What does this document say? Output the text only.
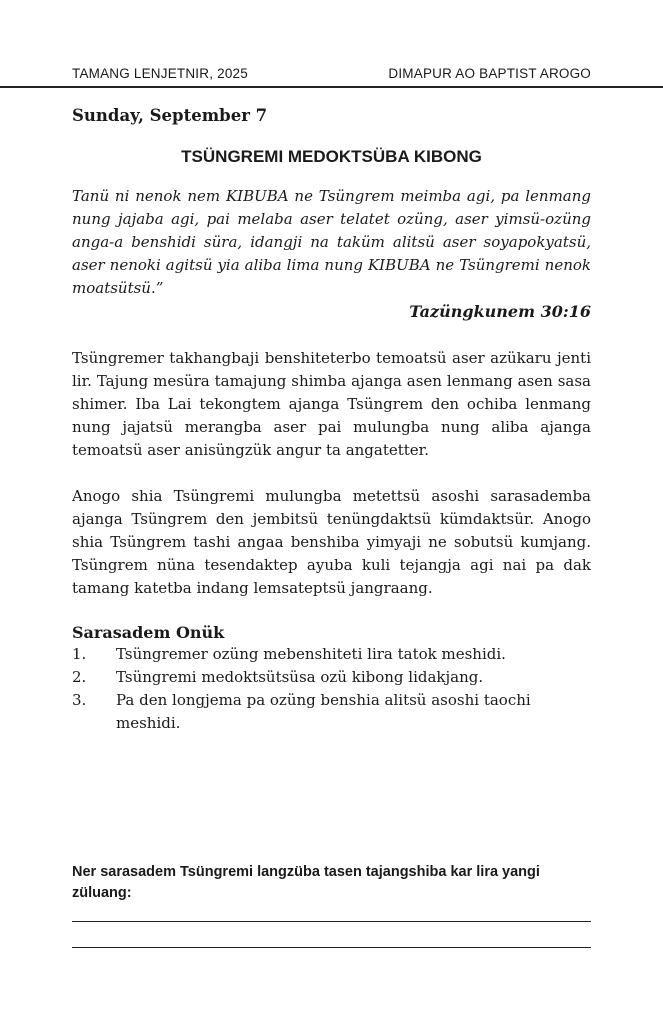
TAMANG LENJETNIR, 2025	DIMAPUR AO BAPTIST AROGO
Sunday, September 7
TSÜNGREMI MEDOKTSÜBA KIBONG

Tanü ni nenok nem KIBUBA ne Tsüngrem meimba agi, pa lenmang nung jajaba agi, pai melaba aser telatet ozüng, aser yimsü-ozüng anga-a benshidi süra, idangji na taküm alitsü aser soyapokyatsü, aser nenoki agitsü yia aliba lima nung KIBUBA ne Tsüngremi nenok moatsütsü.”

Tazüngkunem 30:16

Tsüngremer takhangbaji benshiteterbo temoatsü aser azükaru jenti lir. Tajung mesüra tamajung shimba ajanga asen lenmang asen sasa shimer. Iba Lai tekongtem ajanga Tsüngrem den ochiba lenmang nung jajatsü merangba aser pai mulungba nung aliba ajanga temoatsü aser anisüngzük angur ta angatetter.

Anogo shia Tsüngremi mulungba metettsü asoshi sarasademba ajanga Tsüngrem den jembitsü tenüngdaktsü kümdaktsür. Anogo shia Tsüngrem tashi angaa benshiba yimyaji ne sobutsü kumjang. Tsüngrem nüna tesendaktep ayuba kuli tejangja agi nai pa dak tamang katetba indang lemsateptsü jangraang.

Sarasadem Onük
1.	Tsüngremer ozüng mebenshiteti lira tatok meshidi.
2.	Tsüngremi medoktsütsüsa ozü kibong lidakjang.
3.	Pa den longjema pa ozüng benshia alitsü asoshi taochi meshidi.

Ner sarasadem Tsüngremi langzüba tasen tajangshiba kar lira yangi züluang:
